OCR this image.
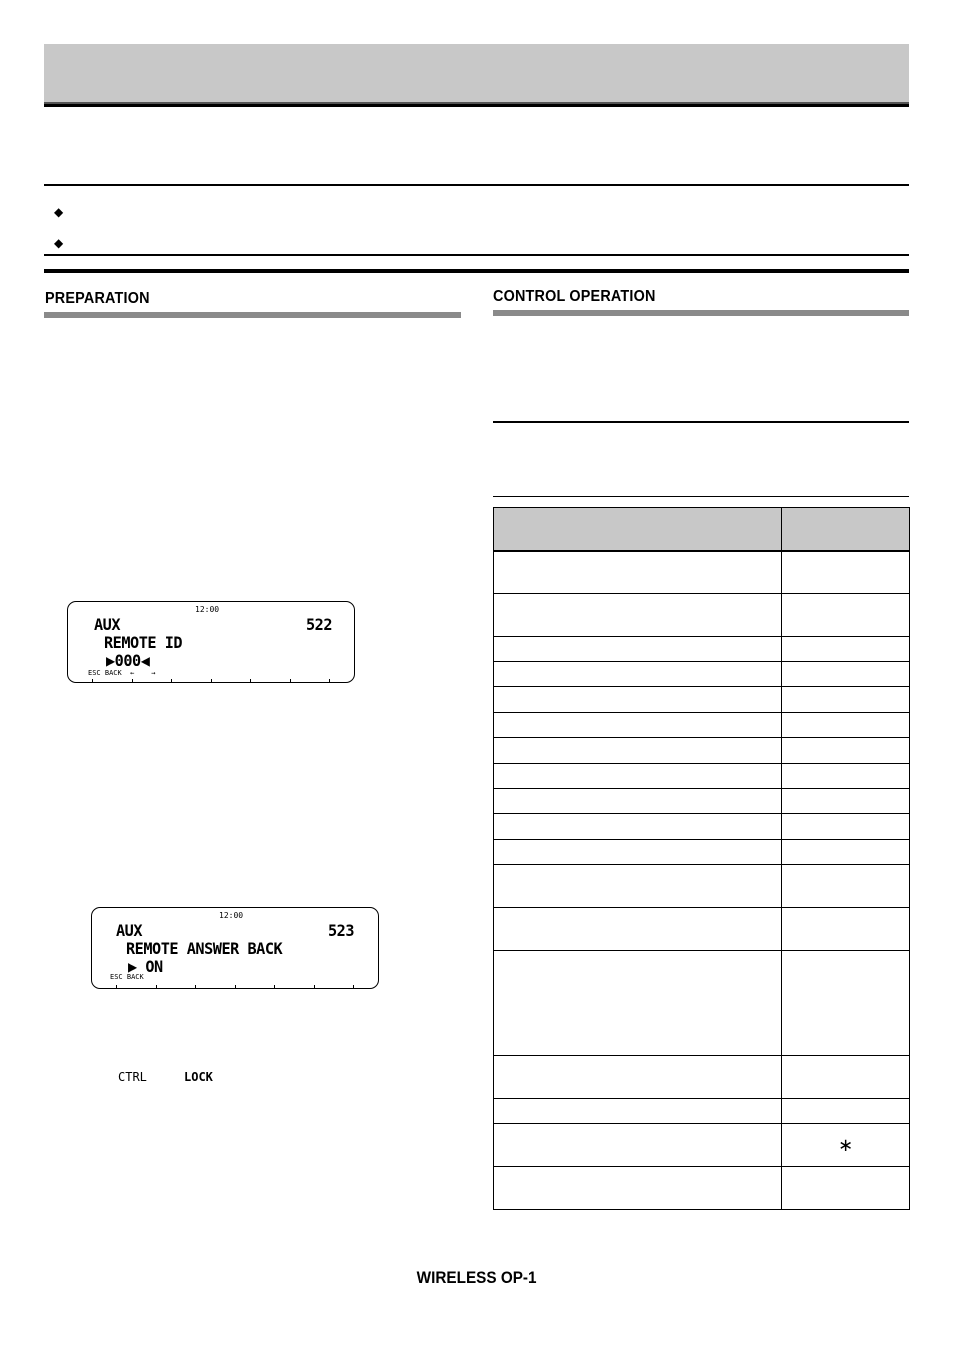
◆
◆
PREPARATION
12:00
AUX	522
REMOTE ID
▶000◀
ESC BACK  ←    →
12:00
AUX	523
REMOTE ANSWER BACK
▶ ON
ESC BACK
CTRL	LOCK
CONTROL OPERATION

	∗

WIRELESS OP-1
